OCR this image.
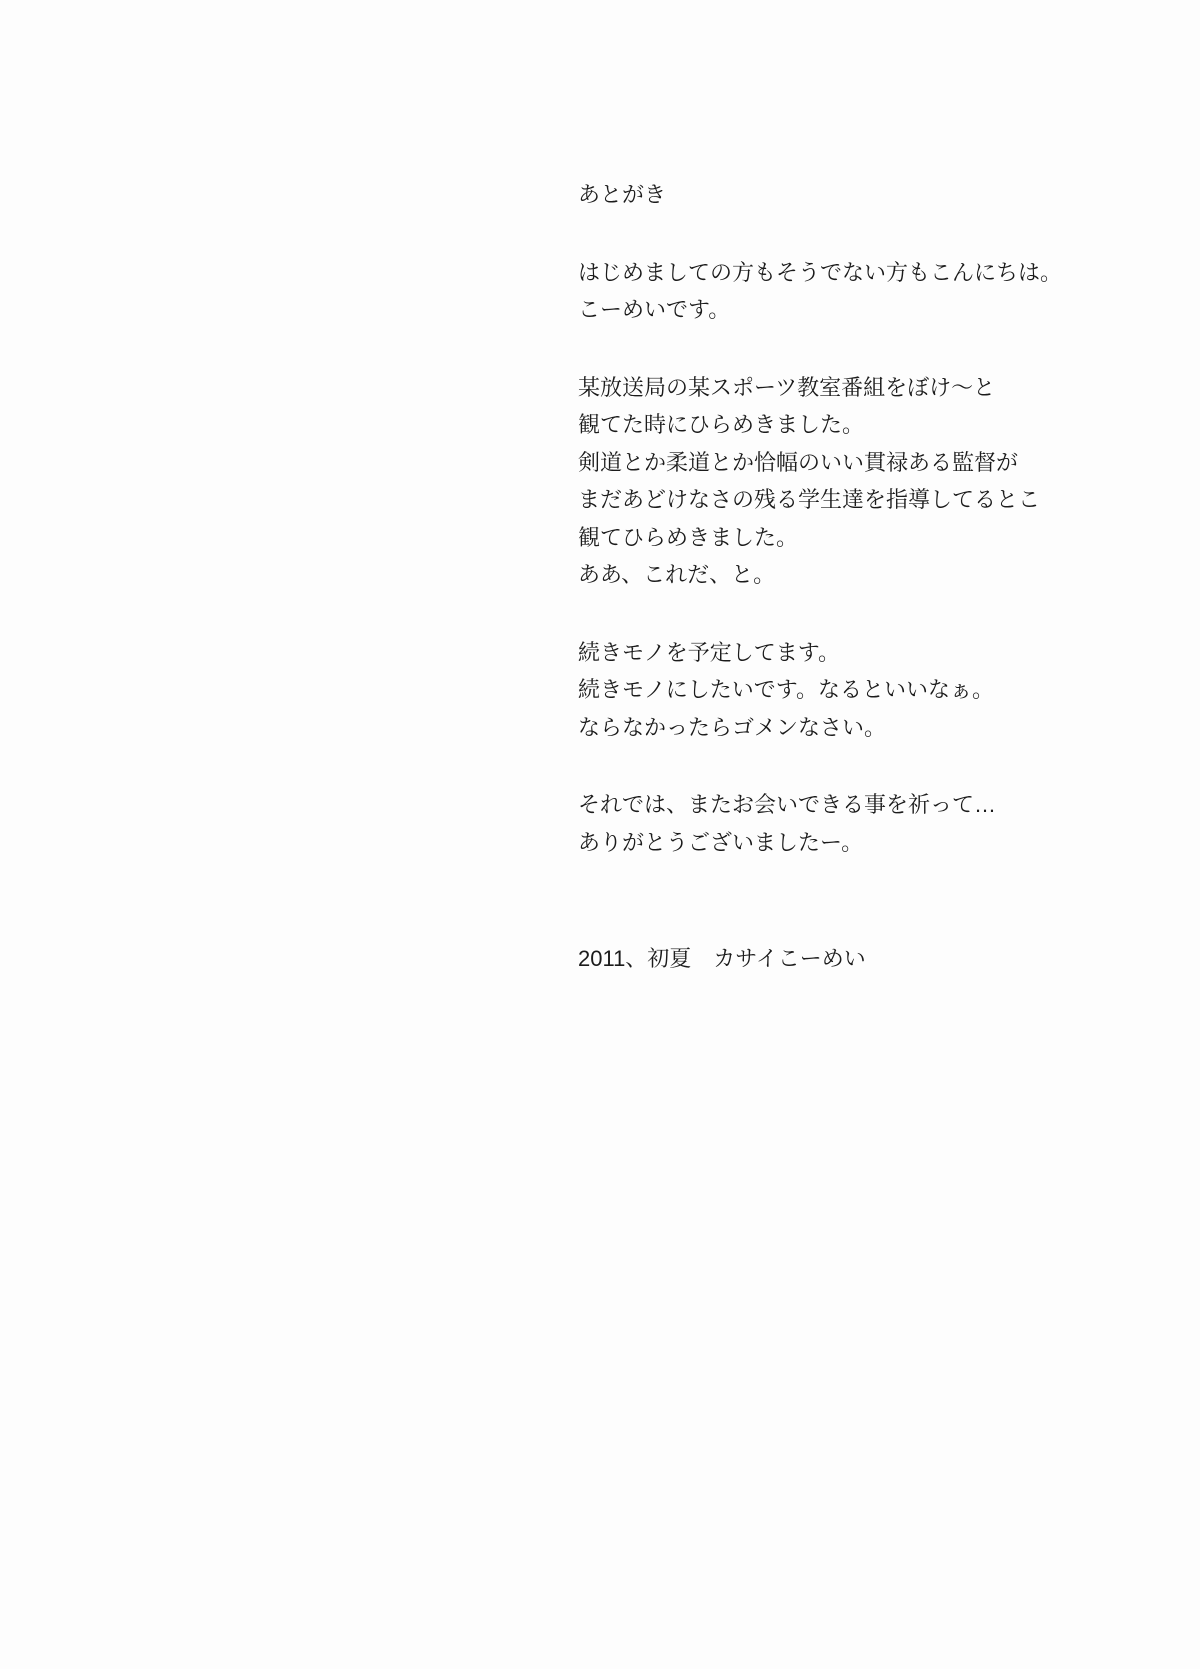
あとがき

はじめましての方もそうでない方もこんにちは。

こーめいです。

某放送局の某スポーツ教室番組をぼけ〜と

観てた時にひらめきました。

剣道とか柔道とか恰幅のいい貫禄ある監督が

まだあどけなさの残る学生達を指導してるとこ

観てひらめきました。

ああ、これだ、と。

続きモノを予定してます。

続きモノにしたいです。なるといいなぁ。

ならなかったらゴメンなさい。

それでは、またお会いできる事を祈って…

ありがとうございましたー。

2011、初夏　カサイこーめい
